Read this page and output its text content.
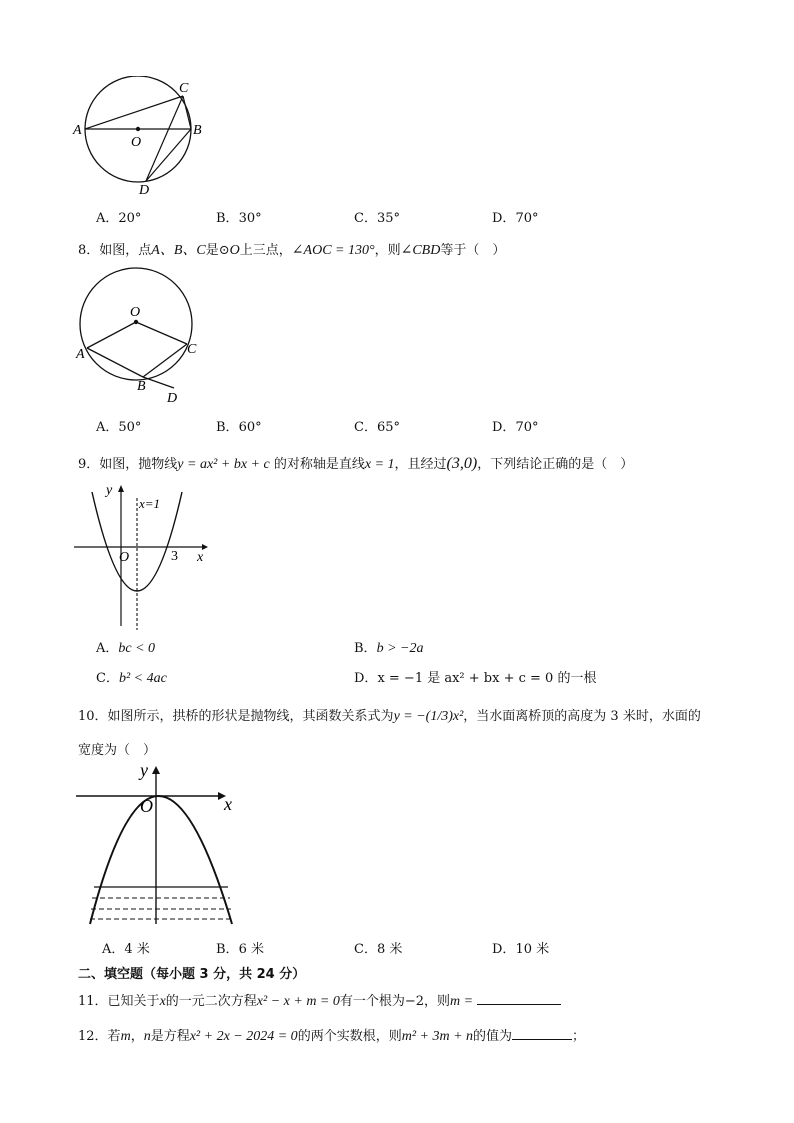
A	B
C
D
O
A．20°	B．30°	C．35°	D．70°
8．如图，点A、B、C是⊙O上三点，∠AOC = 130°，则∠CBD等于（　）
O
A	C
B
D
A．50°	B．60°	C．65°	D．70°
9．如图，抛物线y = ax² + bx + c 的对称轴是直线x = 1，且经过(3,0)，下列结论正确的是（　）
y
x
O	3
x=1
A．bc < 0	B．b > −2a
C．b² < 4ac	D．x = −1 是 ax² + bx + c = 0 的一根
10．如图所示，拱桥的形状是抛物线，其函数关系式为y = −(1/3)x²，当水面离桥顶的高度为 3 米时，水面的
宽度为（　）
y
x
O
A．4 米	B．6 米	C．8 米	D．10 米
二、填空题（每小题 3 分，共 24 分）
11．已知关于x的一元二次方程x² − x + m = 0有一个根为−2，则m =
12．若m，n是方程x² + 2x − 2024 = 0的两个实数根，则m² + 3m + n的值为	；
